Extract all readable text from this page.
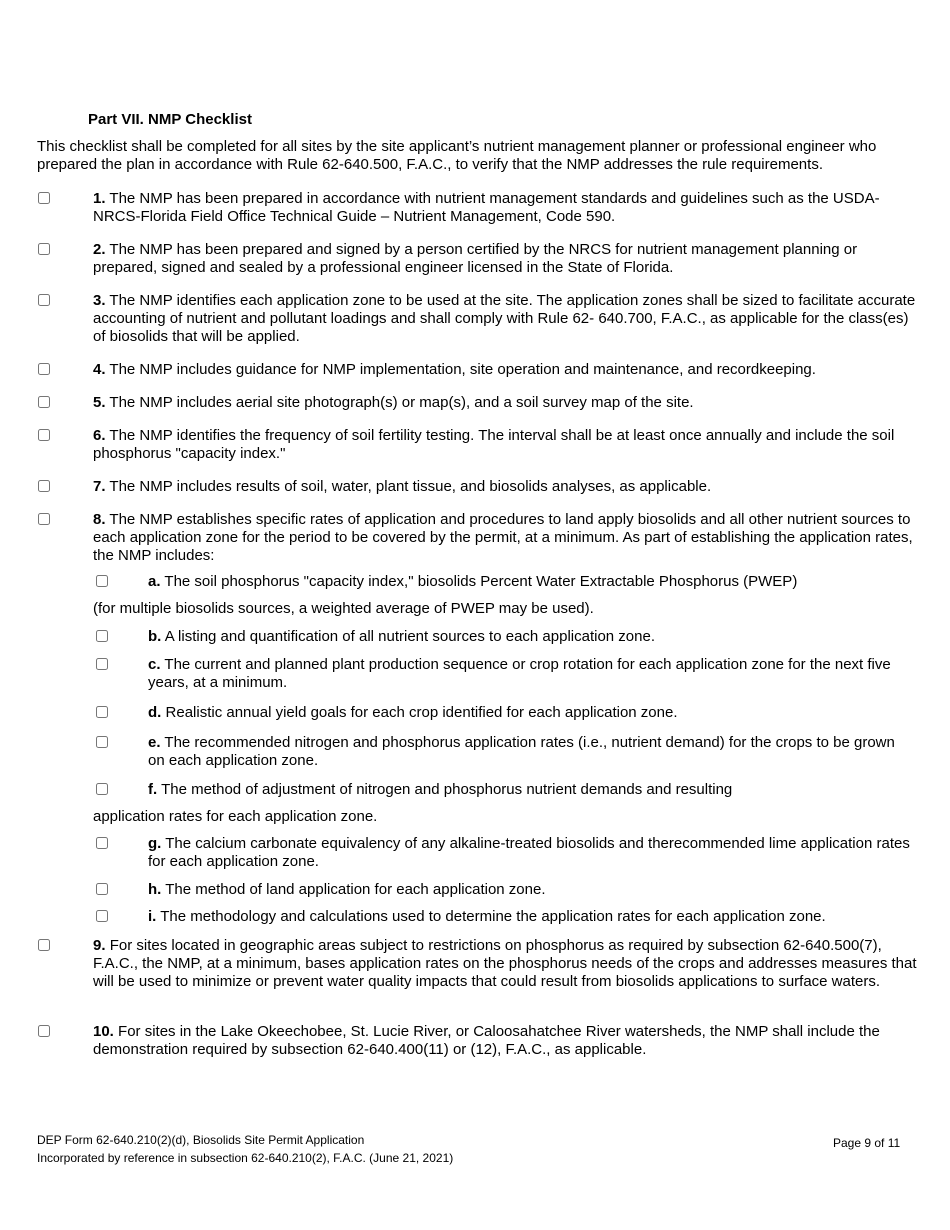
Part VII. NMP Checklist

This checklist shall be completed for all sites by the site applicant’s nutrient management planner or professional engineer who prepared the plan in accordance with Rule 62-640.500, F.A.C., to verify that the NMP addresses the rule requirements.

1. The NMP has been prepared in accordance with nutrient management standards and guidelines such as the USDA-NRCS-Florida Field Office Technical Guide – Nutrient Management, Code 590.
2. The NMP has been prepared and signed by a person certified by the NRCS for nutrient management planning or prepared, signed and sealed by a professional engineer licensed in the State of Florida.
3. The NMP identifies each application zone to be used at the site. The application zones shall be sized to facilitate accurate accounting of nutrient and pollutant loadings and shall comply with Rule 62- 640.700, F.A.C., as applicable for the class(es) of biosolids that will be applied.
4. The NMP includes guidance for NMP implementation, site operation and maintenance, and recordkeeping.
5. The NMP includes aerial site photograph(s) or map(s), and a soil survey map of the site.
6. The NMP identifies the frequency of soil fertility testing. The interval shall be at least once annually and include the soil phosphorus "capacity index."
7. The NMP includes results of soil, water, plant tissue, and biosolids analyses, as applicable.
8. The NMP establishes specific rates of application and procedures to land apply biosolids and all other nutrient sources to each application zone for the period to be covered by the permit, at a minimum. As part of establishing the application rates, the NMP includes:
a. The soil phosphorus "capacity index," biosolids Percent Water Extractable Phosphorus (PWEP)
(for multiple biosolids sources, a weighted average of PWEP may be used).
b. A listing and quantification of all nutrient sources to each application zone.
c. The current and planned plant production sequence or crop rotation for each application zone for the next five years, at a minimum.
d. Realistic annual yield goals for each crop identified for each application zone.
e. The recommended nitrogen and phosphorus application rates (i.e., nutrient demand) for the crops to be grown on each application zone.
f. The method of adjustment of nitrogen and phosphorus nutrient demands and resulting
application rates for each application zone.
g. The calcium carbonate equivalency of any alkaline-treated biosolids and therecommended lime application rates for each application zone.
h. The method of land application for each application zone.
i. The methodology and calculations used to determine the application rates for each application zone.
9. For sites located in geographic areas subject to restrictions on phosphorus as required by subsection 62-640.500(7), F.A.C., the NMP, at a minimum, bases application rates on the phosphorus needs of the crops and addresses measures that will be used to minimize or prevent water quality impacts that could result from biosolids applications to surface waters.
10. For sites in the Lake Okeechobee, St. Lucie River, or Caloosahatchee River watersheds, the NMP shall include the demonstration required by subsection 62-640.400(11) or (12), F.A.C., as applicable.
DEP Form 62-640.210(2)(d), Biosolids Site Permit Application
Incorporated by reference in subsection 62-640.210(2), F.A.C. (June 21, 2021)
Page 9 of 11
